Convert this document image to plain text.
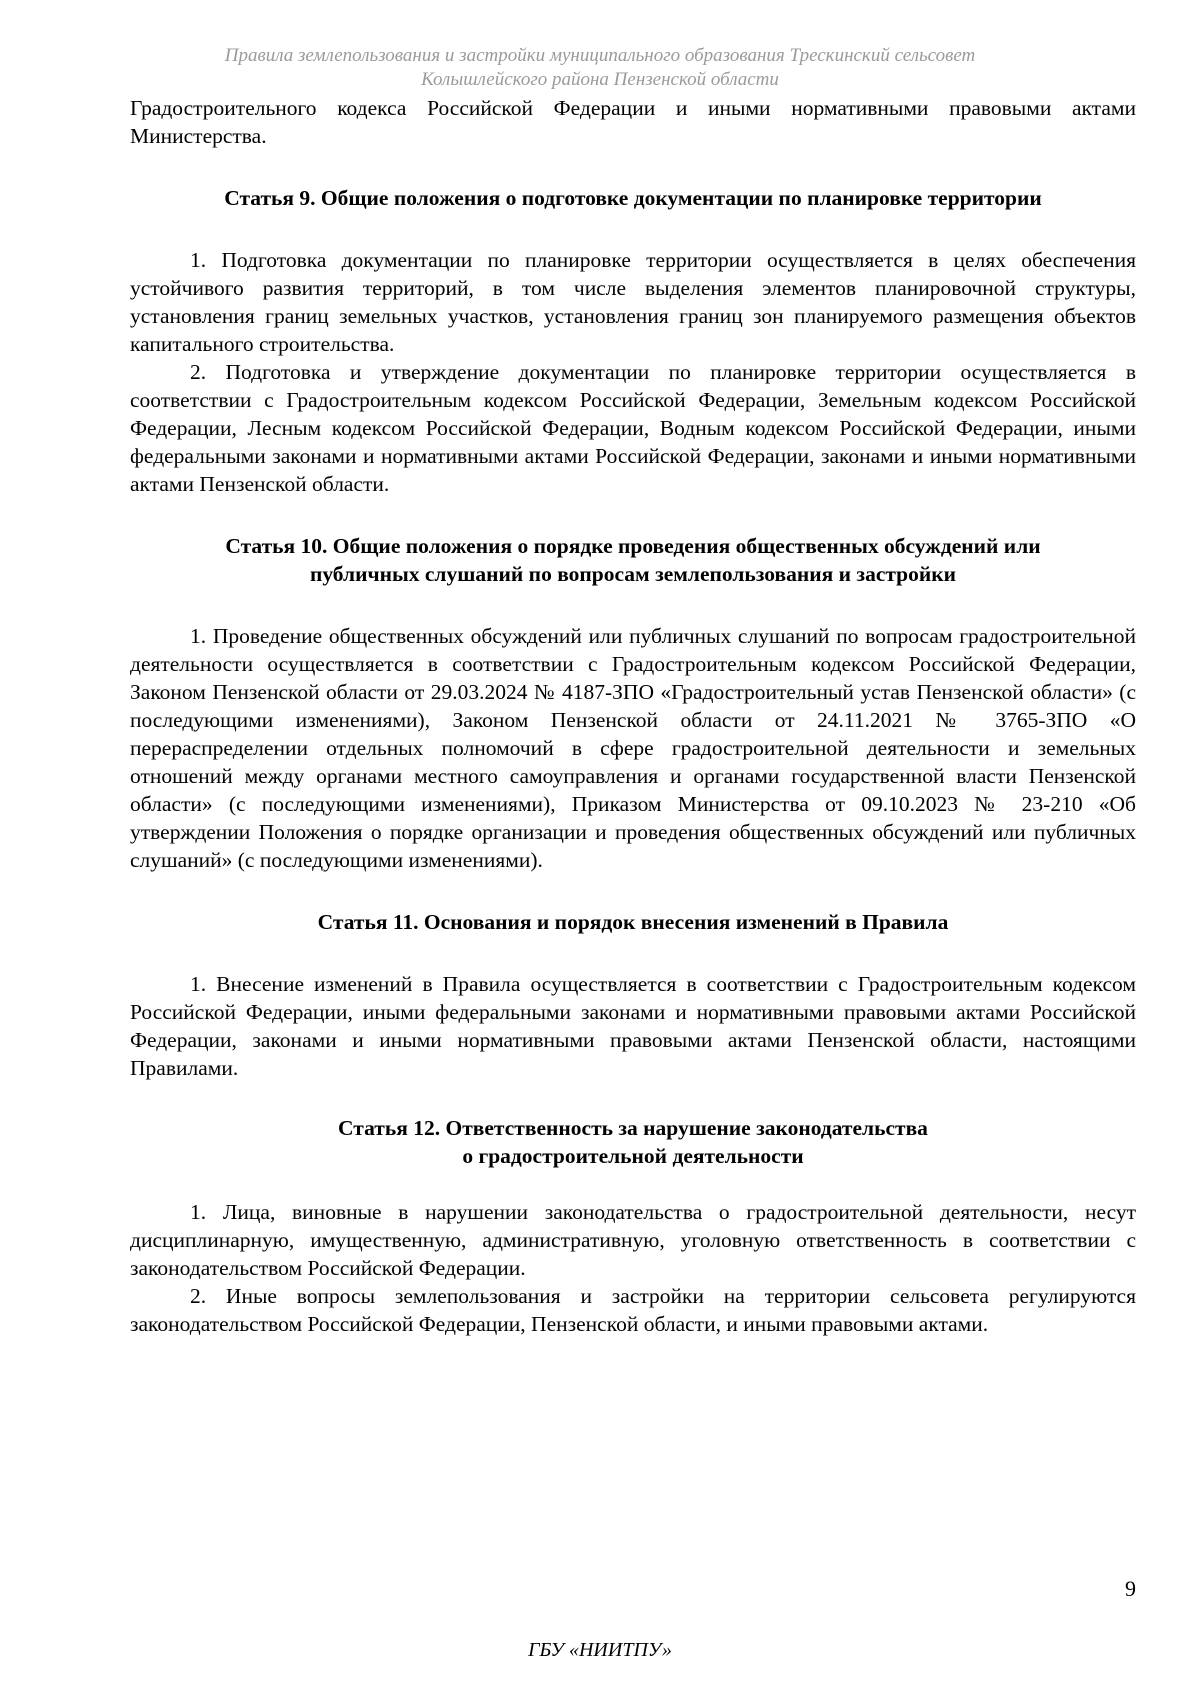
Правила землепользования и застройки муниципального образования Трескинский сельсовет
Колышлейского района Пензенской области

Градостроительного кодекса Российской Федерации и иными нормативными правовыми актами Министерства.

Статья 9. Общие положения о подготовке документации по планировке территории

1. Подготовка документации по планировке территории осуществляется в целях обеспечения устойчивого развития территорий, в том числе выделения элементов планировочной структуры, установления границ земельных участков, установления границ зон планируемого размещения объектов капитального строительства.

2. Подготовка и утверждение документации по планировке территории осуществляется в соответствии с Градостроительным кодексом Российской Федерации, Земельным кодексом Российской Федерации, Лесным кодексом Российской Федерации, Водным кодексом Российской Федерации, иными федеральными законами и нормативными актами Российской Федерации, законами и иными нормативными актами Пензенской области.

Статья 10. Общие положения о порядке проведения общественных обсуждений или
публичных слушаний по вопросам землепользования и застройки

1. Проведение общественных обсуждений или публичных слушаний по вопросам градостроительной деятельности осуществляется в соответствии с Градостроительным кодексом Российской Федерации, Законом Пензенской области от 29.03.2024 № 4187-ЗПО «Градостроительный устав Пензенской области» (с последующими изменениями), Законом Пензенской области от 24.11.2021 № 3765-ЗПО «О перераспределении отдельных полномочий в сфере градостроительной деятельности и земельных отношений между органами местного самоуправления и органами государственной власти Пензенской области» (с последующими изменениями), Приказом Министерства от 09.10.2023 № 23-210 «Об утверждении Положения о порядке организации и проведения общественных обсуждений или публичных слушаний» (с последующими изменениями).

Статья 11. Основания и порядок внесения изменений в Правила

1. Внесение изменений в Правила осуществляется в соответствии с Градостроительным кодексом Российской Федерации, иными федеральными законами и нормативными правовыми актами Российской Федерации, законами и иными нормативными правовыми актами Пензенской области, настоящими Правилами.

Статья 12. Ответственность за нарушение законодательства
о градостроительной деятельности

1. Лица, виновные в нарушении законодательства о градостроительной деятельности, несут дисциплинарную, имущественную, административную, уголовную ответственность в соответствии с законодательством Российской Федерации.

2. Иные вопросы землепользования и застройки на территории сельсовета регулируются законодательством Российской Федерации, Пензенской области, и иными правовыми актами.

9
ГБУ «НИИТПУ»
